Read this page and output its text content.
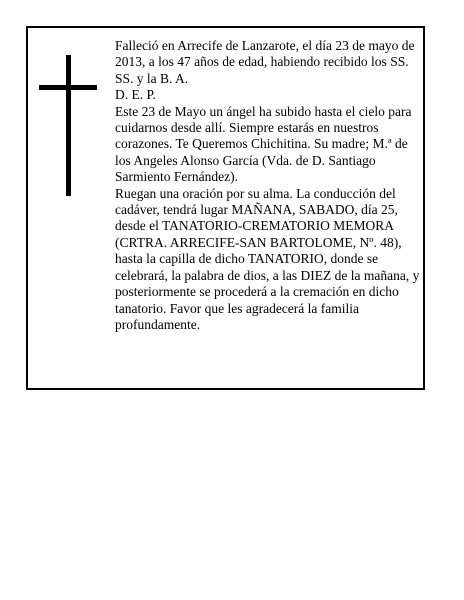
Falleció en Arrecife de Lanzarote, el día 23 de mayo de 2013, a los 47 años de edad, habiendo recibido los SS. SS. y la B. A.

D. E. P.

Este 23 de Mayo un ángel ha subido hasta el cielo para cuidarnos desde allí. Siempre estarás en nuestros corazones. Te Queremos Chichitina. Su madre; M.ª de los Angeles Alonso García (Vda. de D. Santiago Sarmiento Fernández).

Ruegan una oración por su alma. La conducción del cadáver, tendrá lugar MAÑANA, SABADO, día 25, desde el TANATORIO-CREMATORIO MEMORA (CRTRA. ARRECIFE-SAN BARTOLOME, Nº. 48), hasta la capilla de dicho TANATORIO, donde se celebrará, la palabra de dios, a las DIEZ de la mañana, y posteriormente se procederá a la cremación en dicho tanatorio. Favor que les agradecerá la familia profundamente.
